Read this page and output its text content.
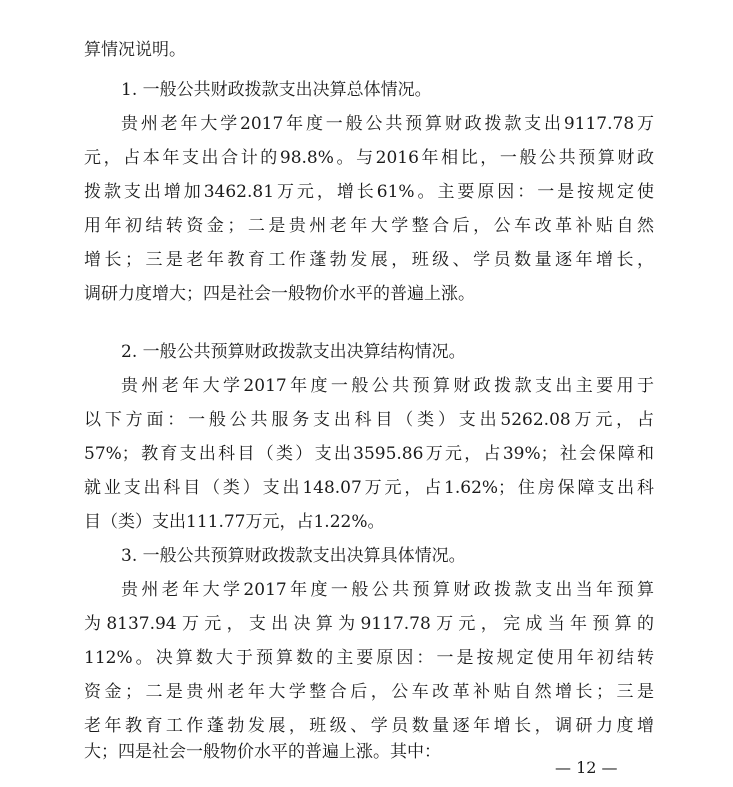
算情况说明。
1. 一般公共财政拨款支出决算总体情况。
贵州老年大学2017年度一般公共预算财政拨款支出9117.78万
元，占本年支出合计的98.8%。与2016年相比，一般公共预算财政
拨款支出增加3462.81万元，增长61%。主要原因：一是按规定使
用年初结转资金；二是贵州老年大学整合后，公车改革补贴自然
增长；三是老年教育工作蓬勃发展，班级、学员数量逐年增长，
调研力度增大；四是社会一般物价水平的普遍上涨。
2. 一般公共预算财政拨款支出决算结构情况。
贵州老年大学2017年度一般公共预算财政拨款支出主要用于
以下方面：一般公共服务支出科目（类）支出5262.08万元，占
57%；教育支出科目（类）支出3595.86万元，占39%；社会保障和
就业支出科目（类）支出148.07万元，占1.62%；住房保障支出科
目（类）支出111.77万元，占1.22%。
3. 一般公共预算财政拨款支出决算具体情况。
贵州老年大学2017年度一般公共预算财政拨款支出当年预算
为8137.94万元，支出决算为9117.78万元，完成当年预算的
112%。决算数大于预算数的主要原因：一是按规定使用年初结转
资金；二是贵州老年大学整合后，公车改革补贴自然增长；三是
老年教育工作蓬勃发展，班级、学员数量逐年增长，调研力度增
大；四是社会一般物价水平的普遍上涨。其中：
— 12 —
